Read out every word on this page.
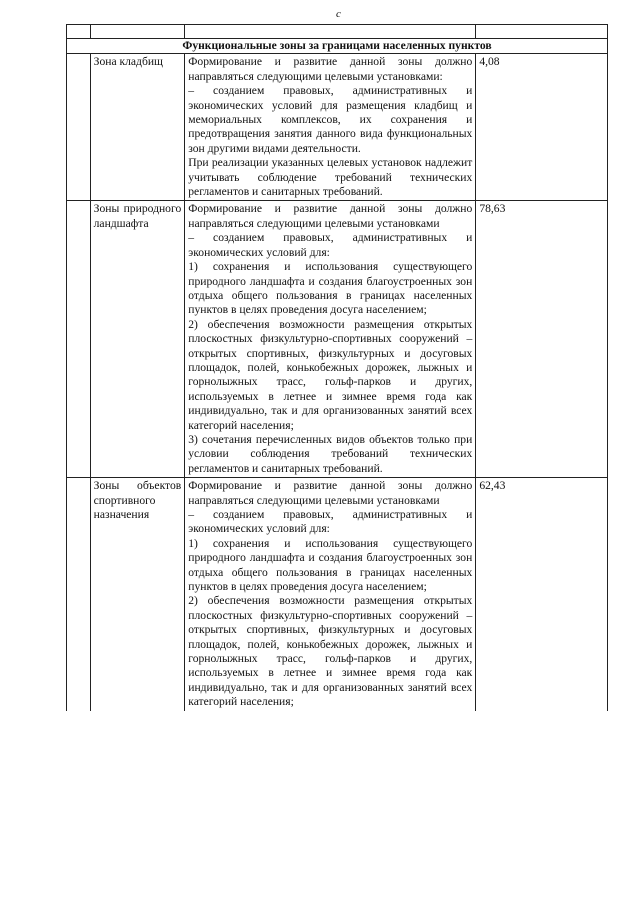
с

Функциональные зоны за границами населенных пунктов			
	Зона кладбищ	Формирование и развитие данной зоны должно направляться следующими целевыми установками:

– созданием правовых, административных и экономических условий для размещения кладбищ и мемориальных комплексов, их сохранения и предотвращения занятия данного вида функциональных зон другими видами деятельности.

При реализации указанных целевых установок надлежит учитывать соблюдение требований технических регламентов и санитарных требований.	4,08
	Зоны природного ландшафта	Формирование и развитие данной зоны должно направляться следующими целевыми установками

– созданием правовых, административных и экономических условий для:

1) сохранения и использования существующего природного ландшафта и создания благоустроенных зон отдыха общего пользования в границах населенных пунктов в целях проведения досуга населением;

2) обеспечения возможности размещения открытых плоскостных физкультурно-спортивных сооружений – открытых спортивных, физкультурных и досуговых площадок, полей, конькобежных дорожек, лыжных и горнолыжных трасс, гольф-парков и других, используемых в летнее и зимнее время года как индивидуально, так и для организованных занятий всех категорий населения;

3) сочетания перечисленных видов объектов только при условии соблюдения требований технических регламентов и санитарных требований.	78,63
	Зоны объектов спортивного назначения	Формирование и развитие данной зоны должно направляться следующими целевыми установками

– созданием правовых, административных и экономических условий для:

1) сохранения и использования существующего природного ландшафта и создания благоустроенных зон отдыха общего пользования в границах населенных пунктов в целях проведения досуга населением;

2) обеспечения возможности размещения открытых плоскостных физкультурно-спортивных сооружений – открытых спортивных, физкультурных и досуговых площадок, полей, конькобежных дорожек, лыжных и горнолыжных трасс, гольф-парков и других, используемых в летнее и зимнее время года как индивидуально, так и для организованных занятий всех категорий населения;	62,43
